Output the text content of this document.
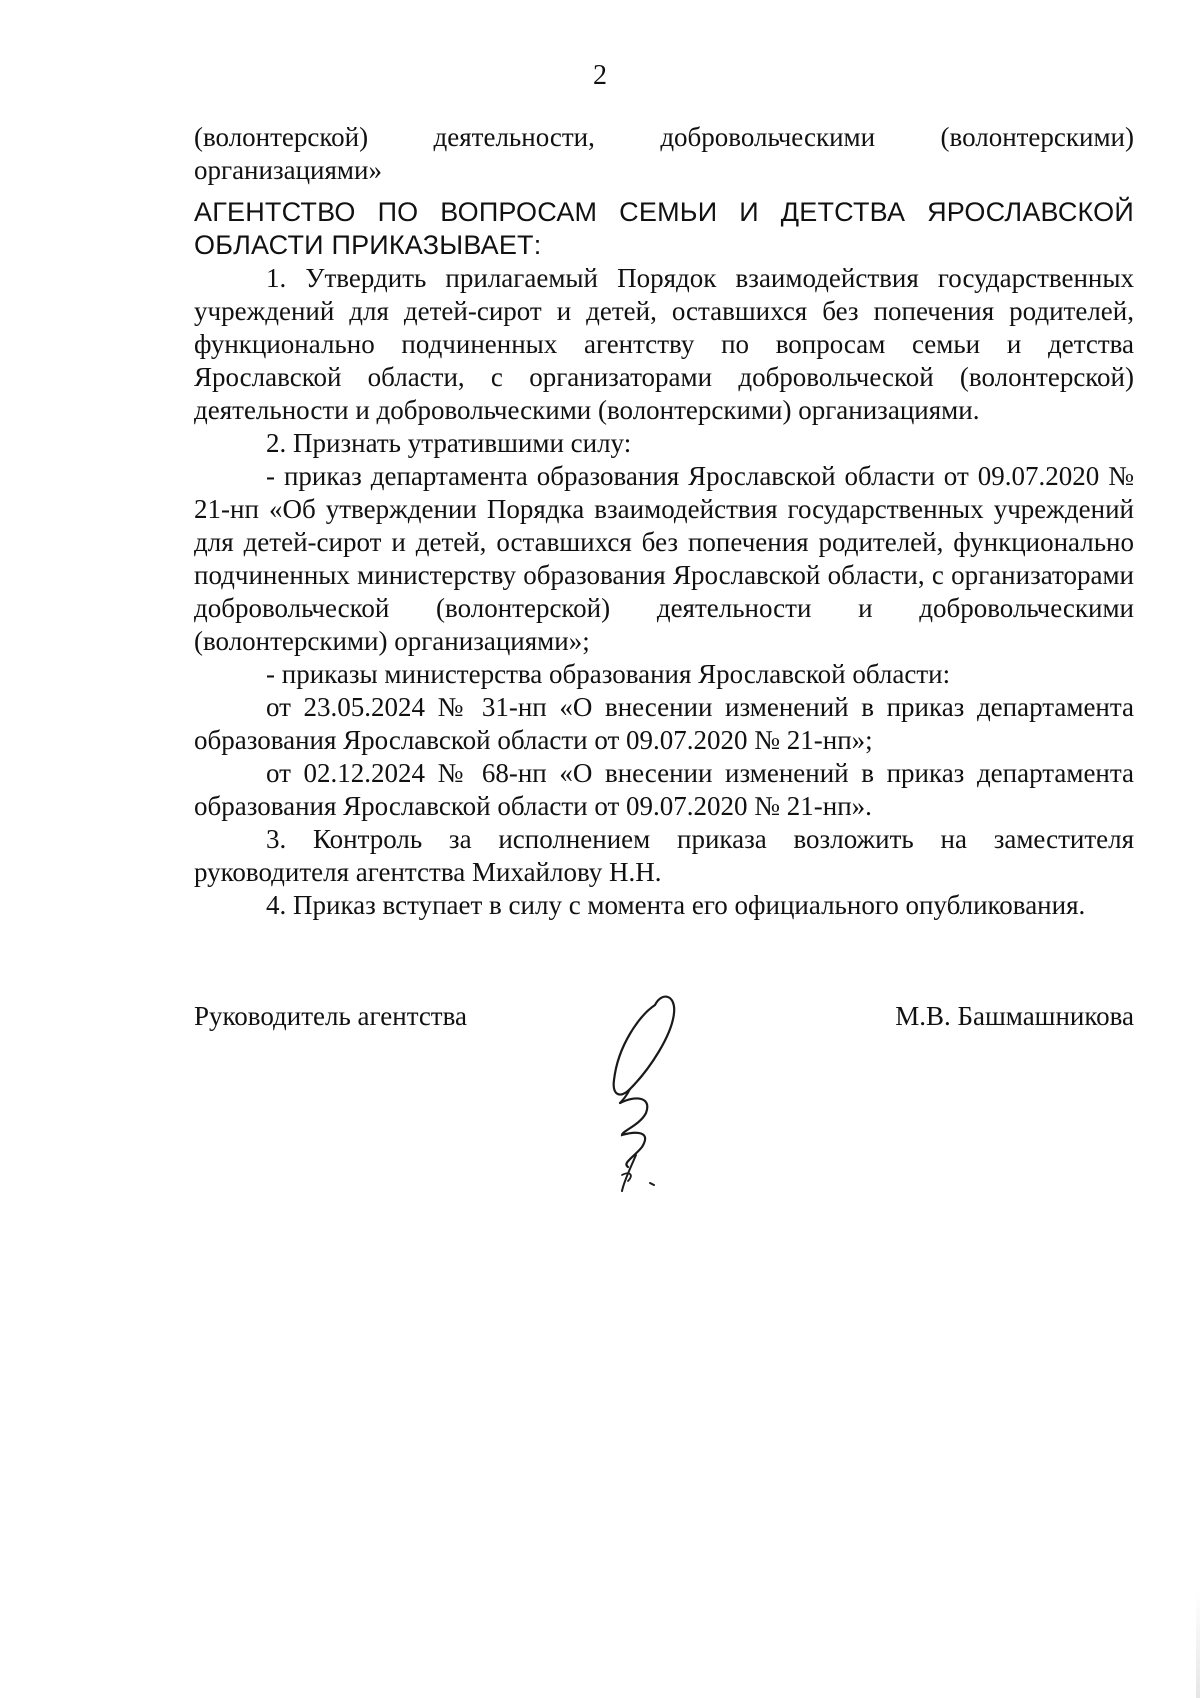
2

(волонтерской) деятельности, добровольческими (волонтерскими) организациями»

АГЕНТСТВО ПО ВОПРОСАМ СЕМЬИ И ДЕТСТВА ЯРОСЛАВСКОЙ ОБЛАСТИ ПРИКАЗЫВАЕТ:

1. Утвердить прилагаемый Порядок взаимодействия государственных учреждений для детей-сирот и детей, оставшихся без попечения родителей, функционально подчиненных агентству по вопросам семьи и детства Ярославской области, с организаторами добровольческой (волонтерской) деятельности и добровольческими (волонтерскими) организациями.

2. Признать утратившими силу:

- приказ департамента образования Ярославской области от 09.07.2020 № 21-нп «Об утверждении Порядка взаимодействия государственных учреждений для детей-сирот и детей, оставшихся без попечения родителей, функционально подчиненных министерству образования Ярославской области, с организаторами добровольческой (волонтерской) деятельности и добровольческими (волонтерскими) организациями»;

- приказы министерства образования Ярославской области:

от 23.05.2024 № 31-нп «О внесении изменений в приказ департамента образования Ярославской области от 09.07.2020 № 21-нп»;

от 02.12.2024 № 68-нп «О внесении изменений в приказ департамента образования Ярославской области от 09.07.2020 № 21-нп».

3. Контроль за исполнением приказа возложить на заместителя руководителя агентства Михайлову Н.Н.

4. Приказ вступает в силу с момента его официального опубликования.

Руководитель агентства	М.В. Башмашникова
